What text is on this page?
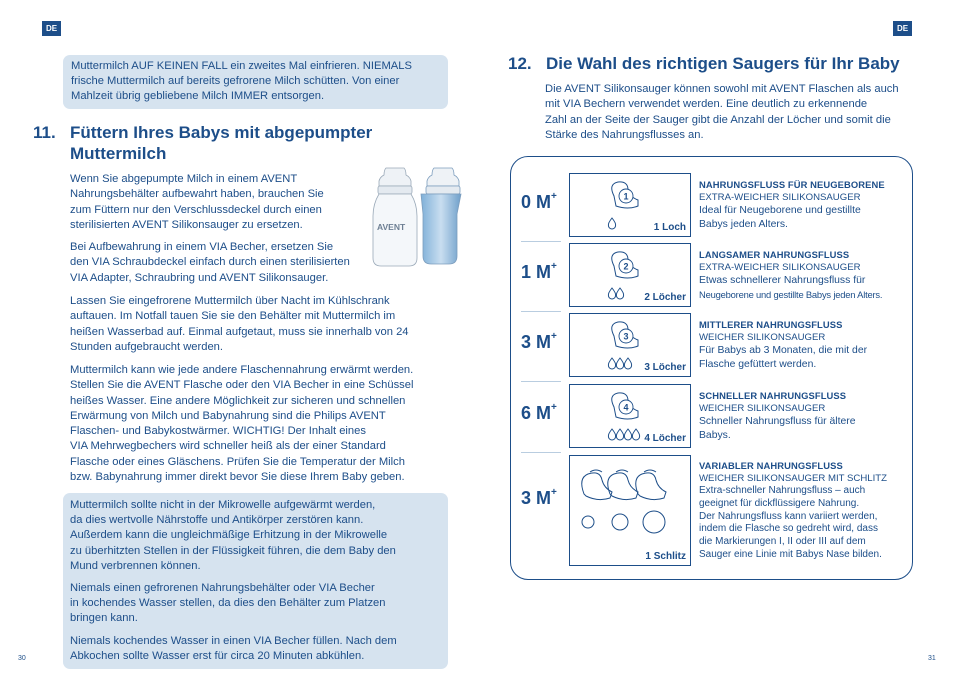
DE	DE

Muttermilch AUF KEINEN FALL ein zweites Mal einfrieren. NIEMALS

frische Muttermilch auf bereits gefrorene Milch schütten. Von einer

Mahlzeit übrig gebliebene Milch IMMER entsorgen.

11. Füttern Ihres Babys mit abgepumpter
Muttermilch
Wenn Sie abgepumpte Milch in einem AVENT
Nahrungsbehälter aufbewahrt haben, brauchen Sie
zum Füttern nur den Verschlussdeckel durch einen
sterilisierten AVENT Silikonsauger zu ersetzen.
Bei Aufbewahrung in einem VIA Becher, ersetzen Sie
den VIA Schraubdeckel einfach durch einen sterilisierten
VIA Adapter, Schraubring und AVENT Silikonsauger.
AVENT
Lassen Sie eingefrorene Muttermilch über Nacht im Kühlschrank
auftauen. Im Notfall tauen Sie sie den Behälter mit Muttermilch im
heißen Wasserbad auf. Einmal aufgetaut, muss sie innerhalb von 24
Stunden aufgebraucht werden.
Muttermilch kann wie jede andere Flaschennahrung erwärmt werden.
Stellen Sie die AVENT Flasche oder den VIA Becher in eine Schüssel
heißes Wasser. Eine andere Möglichkeit zur sicheren und schnellen
Erwärmung von Milch und Babynahrung sind die Philips AVENT
Flaschen- und Babykostwärmer. WICHTIG! Der Inhalt eines
VIA Mehrwegbechers wird schneller heiß als der einer Standard
Flasche oder eines Gläschens. Prüfen Sie die Temperatur der Milch
bzw. Babynahrung immer direkt bevor Sie diese Ihrem Baby geben.

Muttermilch sollte nicht in der Mikrowelle aufgewärmt werden,

da dies wertvolle Nährstoffe und Antikörper zerstören kann.

Außerdem kann die ungleichmäßige Erhitzung in der Mikrowelle

zu überhitzten Stellen in der Flüssigkeit führen, die dem Baby den

Mund verbrennen können.

Niemals einen gefrorenen Nahrungsbehälter oder VIA Becher

in kochendes Wasser stellen, da dies den Behälter zum Platzen

bringen kann.

Niemals kochendes Wasser in einen VIA Becher füllen. Nach dem

Abkochen sollte Wasser erst für circa 20 Minuten abkühlen.

30	31
12. Die Wahl des richtigen Saugers für Ihr Baby
Die AVENT Silikonsauger können sowohl mit AVENT Flaschen als auch
mit VIA Bechern verwendet werden. Eine deutlich zu erkennende
Zahl an der Seite der Sauger gibt die Anzahl der Löcher und somit die
Stärke des Nahrungsflusses an.
0 M+	1
1 Loch
NAHRUNGSFLUSS FÜR NEUGEBORENE
EXTRA-WEICHER SILIKONSAUGER
Ideal für Neugeborene und gestillte
Babys jeden Alters.
1 M+	2
2 Löcher
LANGSAMER NAHRUNGSFLUSS
EXTRA-WEICHER SILIKONSAUGER
Etwas schnellerer Nahrungsfluss für
Neugeborene und gestillte Babys jeden Alters.
3 M+	3
3 Löcher
MITTLERER NAHRUNGSFLUSS
WEICHER SILIKONSAUGER
Für Babys ab 3 Monaten, die mit der
Flasche gefüttert werden.
6 M+	4
4 Löcher
SCHNELLER NAHRUNGSFLUSS
WEICHER SILIKONSAUGER
Schneller Nahrungsfluss für ältere
Babys.
3 M+
1 Schlitz
VARIABLER NAHRUNGSFLUSS
WEICHER SILIKONSAUGER MIT SCHLITZ
Extra-schneller Nahrungsfluss – auch
geeignet für dickflüssigere Nahrung.
Der Nahrungsfluss kann variiert werden,
indem die Flasche so gedreht wird, dass
die Markierungen I, II oder III auf dem
Sauger eine Linie mit Babys Nase bilden.
